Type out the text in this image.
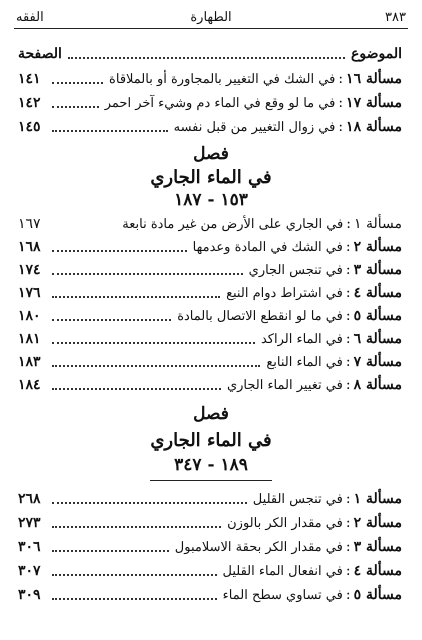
٣٨٣
الطهارة
الفقه
الموضوع
الصفحة
مسألة ١٦
:
في الشك في التغيير بالمجاورة أو بالملاقاة
١٤١
مسألة ١٧
:
في ما لو وقع في الماء دم وشيء آخر احمر
١٤٢
مسألة ١٨
:
في زوال التغيير من قبل نفسه
١٤٥
فصل
في الماء الجاري
١٥٣ - ١٨٧
مسألة ١
:
في الجاري على الأرض من غير مادة نابعة
١٦٧
مسألة ٢
:
في الشك في المادة وعدمها
١٦٨
مسألة ٣
:
في تنجس الجاري
١٧٤
مسألة ٤
:
في اشتراط دوام النبع
١٧٦
مسألة ٥
:
في ما لو انقطع الاتصال بالمادة
١٨٠
مسألة ٦
:
في الماء الراكد
١٨١
مسألة ٧
:
في الماء النابع
١٨٣
مسألة ٨
:
في تغيير الماء الجاري
١٨٤
فصل
في الماء الجاري
١٨٩ - ٣٤٧
مسألة ١
:
في تنجس القليل
٢٦٨
مسألة ٢
:
في مقدار الكر بالوزن
٢٧٣
مسألة ٣
:
في مقدار الكر بحقة الاسلامبول
٣٠٦
مسألة ٤
:
في انفعال الماء القليل
٣٠٧
مسألة ٥
:
في تساوي سطح الماء
٣٠٩
